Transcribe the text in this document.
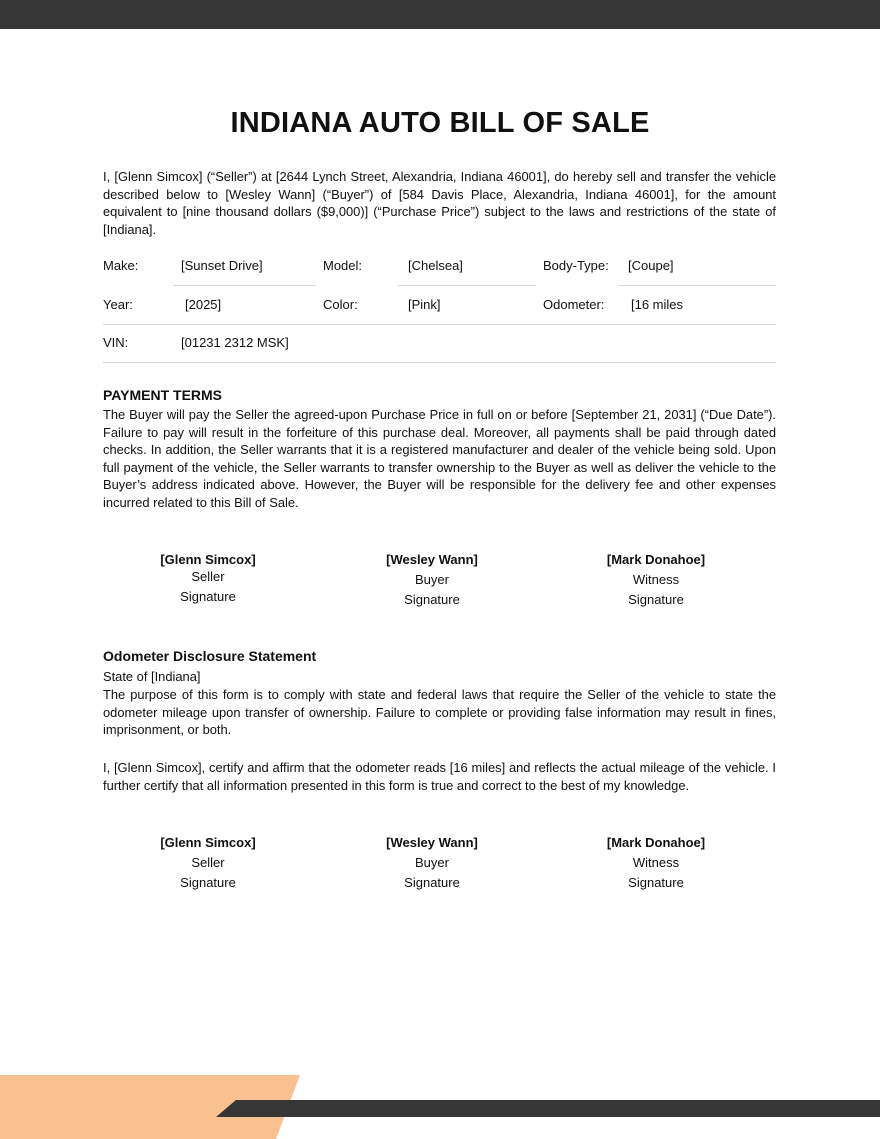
INDIANA AUTO BILL OF SALE
I, [Glenn Simcox] (“Seller”) at [2644 Lynch Street, Alexandria, Indiana 46001], do hereby sell and transfer the vehicle described below to [Wesley Wann] (“Buyer”) of [584 Davis Place, Alexandria, Indiana 46001], for the amount equivalent to [nine thousand dollars ($9,000)] (“Purchase Price”) subject to the laws and restrictions of the state of [Indiana].
Make:	[Sunset Drive]	Model:	[Chelsea]	Body-Type: [Coupe]
Year:	[2025]	Color:	[Pink]	Odometer: [16 miles
VIN:	[01231 2312 MSK]
PAYMENT TERMS
The Buyer will pay the Seller the agreed-upon Purchase Price in full on or before [September 21, 2031] (“Due Date”). Failure to pay will result in the forfeiture of this purchase deal. Moreover, all payments shall be paid through dated checks. In addition, the Seller warrants that it is a registered manufacturer and dealer of the vehicle being sold. Upon full payment of the vehicle, the Seller warrants to transfer ownership to the Buyer as well as deliver the vehicle to the Buyer’s address indicated above. However, the Buyer will be responsible for the delivery fee and other expenses incurred related to this Bill of Sale.
[Glenn Simcox]
Seller
Signature
[Wesley Wann]
Buyer
Signature
[Mark Donahoe]
Witness
Signature
Odometer Disclosure Statement
State of [Indiana]
The purpose of this form is to comply with state and federal laws that require the Seller of the vehicle to state the odometer mileage upon transfer of ownership. Failure to complete or providing false information may result in fines, imprisonment, or both.
I, [Glenn Simcox], certify and affirm that the odometer reads [16 miles] and reflects the actual mileage of the vehicle. I further certify that all information presented in this form is true and correct to the best of my knowledge.
[Glenn Simcox]
Seller
Signature
[Wesley Wann]
Buyer
Signature
[Mark Donahoe]
Witness
Signature
